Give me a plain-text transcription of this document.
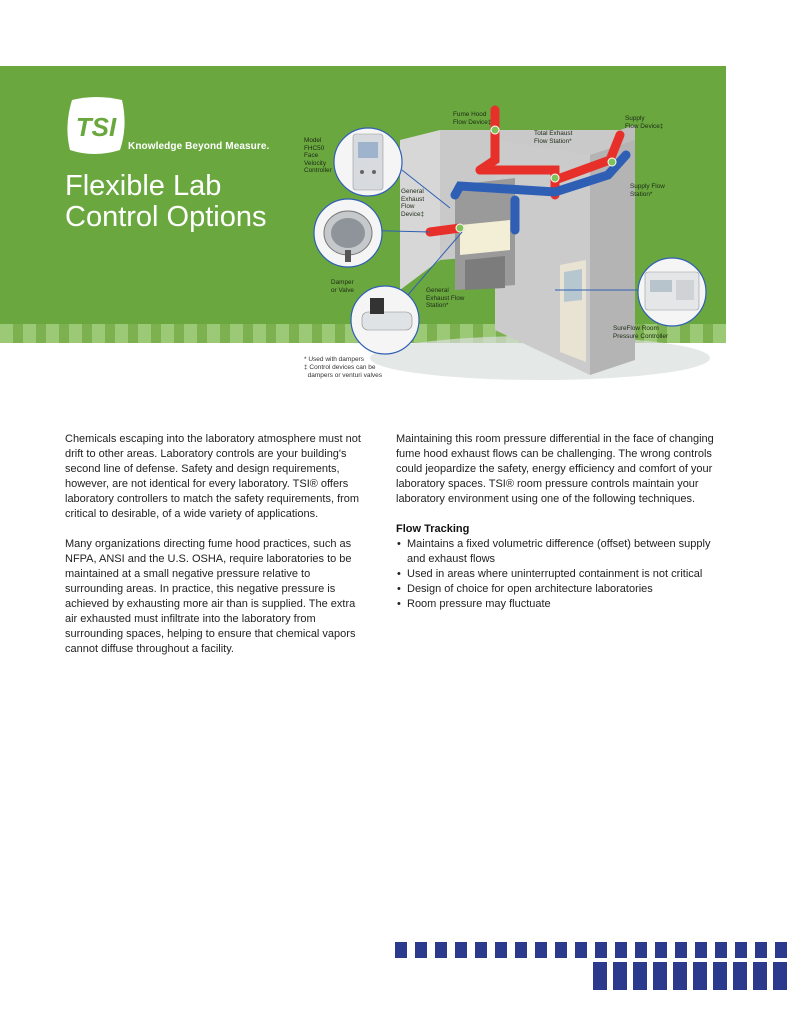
TSI
® Knowledge Beyond Measure.
Flexible Lab
Control Options
Model
FHC50
Face
Velocity
Controller
Fume Hood
Flow Device‡
Total Exhaust
Flow Station*
Supply
Flow Device‡
Supply Flow
Station*
General
Exhaust
Flow
Device‡
Damper
or Valve	General
Exhaust Flow
Station*
SureFlow Room
Pressure Controller
* Used with dampers
‡ Control devices can be
dampers or venturi valves

Chemicals escaping into the laboratory atmosphere must not drift to other areas. Laboratory controls are your building's second line of defense. Safety and design requirements, however, are not identical for every laboratory. TSI® offers laboratory controllers to match the safety requirements, from critical to desirable, of a wide variety of applications.

Many organizations directing fume hood practices, such as NFPA, ANSI and the U.S. OSHA, require laboratories to be maintained at a small negative pressure relative to surrounding areas. In practice, this negative pressure is achieved by exhausting more air than is supplied. The extra air exhausted must infiltrate into the laboratory from surrounding spaces, helping to ensure that chemical vapors cannot diffuse throughout a facility.

Maintaining this room pressure differential in the face of changing fume hood exhaust flows can be challenging. The wrong controls could jeopardize the safety, energy efficiency and comfort of your laboratory spaces. TSI® room pressure controls maintain your laboratory environment using one of the following techniques.

Flow Tracking
• Maintains a fixed volumetric difference (offset) between supply and exhaust flows
• Used in areas where uninterrupted containment is not critical
• Design of choice for open architecture laboratories
• Room pressure may fluctuate
